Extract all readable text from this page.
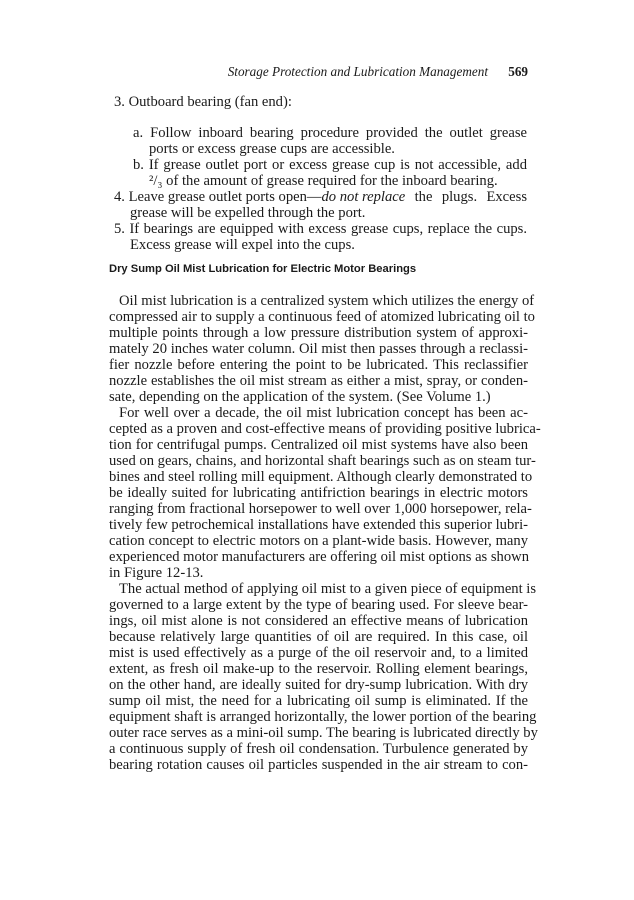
Storage Protection and Lubrication Management 569
3. Outboard bearing (fan end):
a. Follow inboard bearing procedure provided the outlet grease
ports or excess grease cups are accessible.
b. If grease outlet port or excess grease cup is not accessible, add
²/₃ of the amount of grease required for the inboard bearing.
4. Leave grease outlet ports open— do not replace the plugs. Excess
grease will be expelled through the port.
5. If bearings are equipped with excess grease cups, replace the cups.
Excess grease will expel into the cups.
Dry Sump Oil Mist Lubrication for Electric Motor Bearings
Oil mist lubrication is a centralized system which utilizes the energy of
compressed air to supply a continuous feed of atomized lubricating oil to
multiple points through a low pressure distribution system of approxi-
mately 20 inches water column. Oil mist then passes through a reclassi-
fier nozzle before entering the point to be lubricated. This reclassifier
nozzle establishes the oil mist stream as either a mist, spray, or conden-
sate, depending on the application of the system. (See Volume 1.)
For well over a decade, the oil mist lubrication concept has been ac-
cepted as a proven and cost-effective means of providing positive lubrica-
tion for centrifugal pumps. Centralized oil mist systems have also been
used on gears, chains, and horizontal shaft bearings such as on steam tur-
bines and steel rolling mill equipment. Although clearly demonstrated to
be ideally suited for lubricating antifriction bearings in electric motors
ranging from fractional horsepower to well over 1,000 horsepower, rela-
tively few petrochemical installations have extended this superior lubri-
cation concept to electric motors on a plant-wide basis. However, many
experienced motor manufacturers are offering oil mist options as shown
in Figure 12-13.
The actual method of applying oil mist to a given piece of equipment is
governed to a large extent by the type of bearing used. For sleeve bear-
ings, oil mist alone is not considered an effective means of lubrication
because relatively large quantities of oil are required. In this case, oil
mist is used effectively as a purge of the oil reservoir and, to a limited
extent, as fresh oil make-up to the reservoir. Rolling element bearings,
on the other hand, are ideally suited for dry-sump lubrication. With dry
sump oil mist, the need for a lubricating oil sump is eliminated. If the
equipment shaft is arranged horizontally, the lower portion of the bearing
outer race serves as a mini-oil sump. The bearing is lubricated directly by
a continuous supply of fresh oil condensation. Turbulence generated by
bearing rotation causes oil particles suspended in the air stream to con-
